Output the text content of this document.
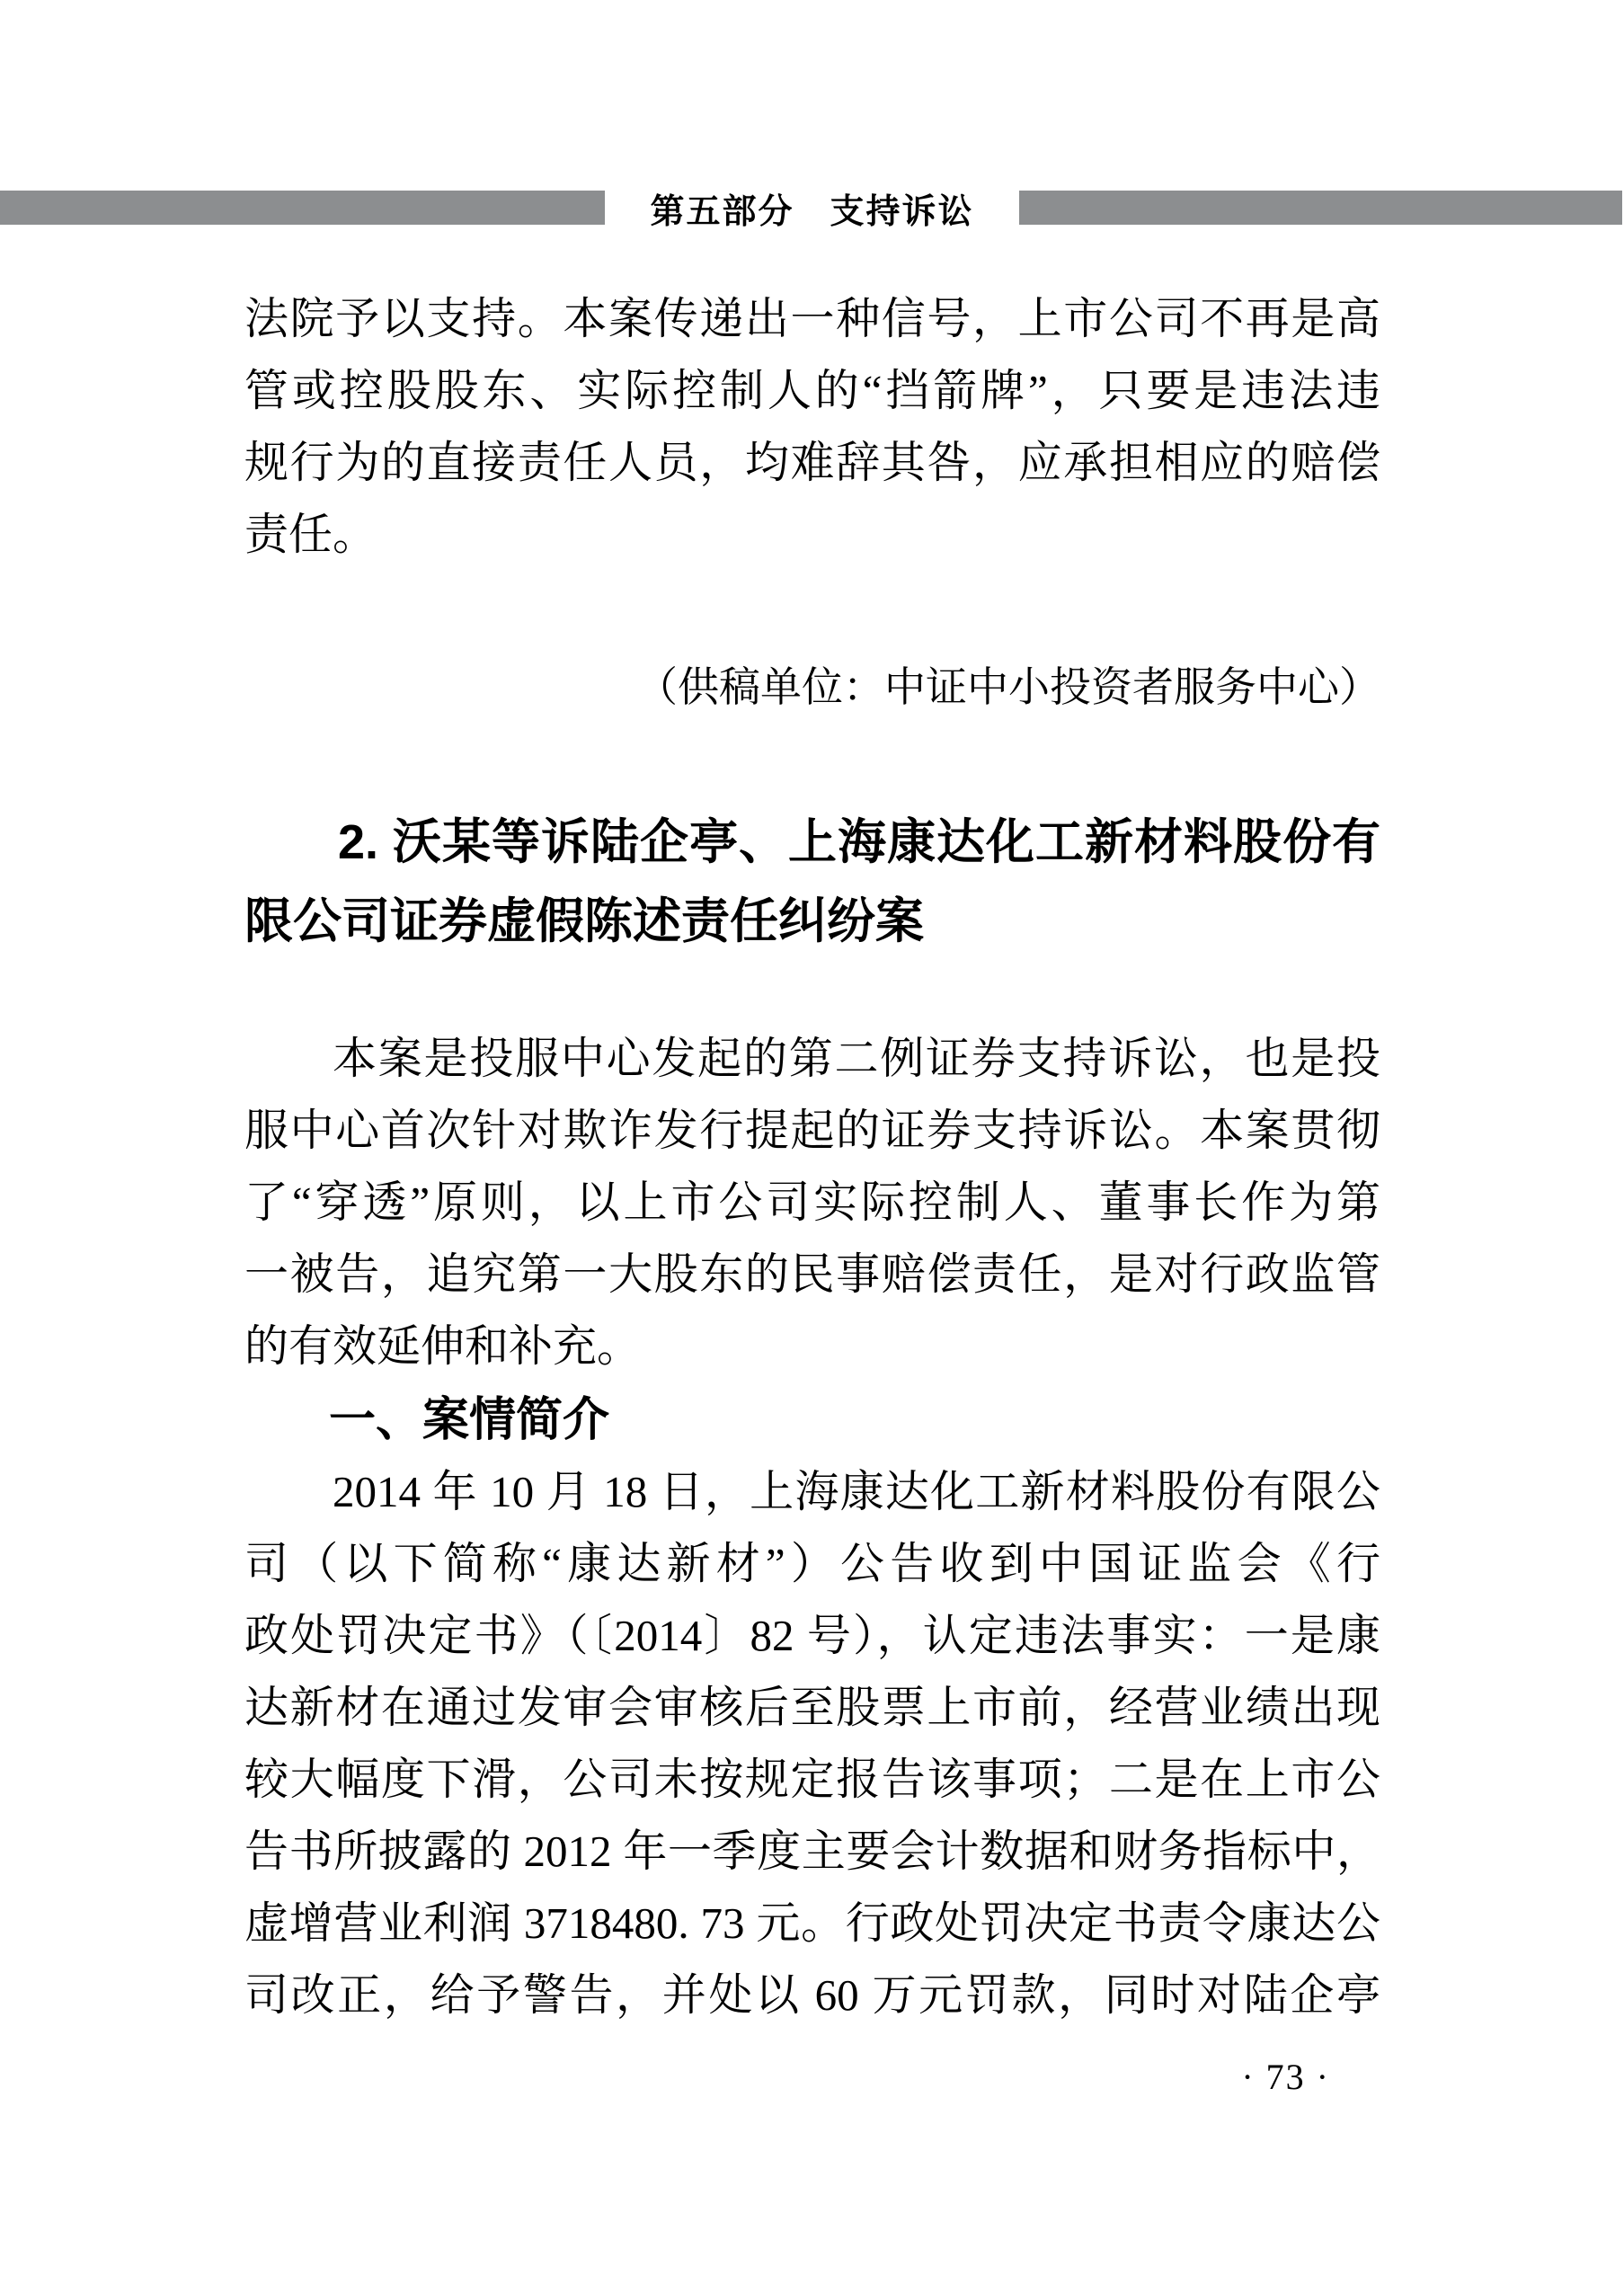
第五部分　支持诉讼
法院予以支持。本案传递出一种信号，上市公司不再是高
管或控股股东、实际控制人的“挡箭牌”，只要是违法违
规行为的直接责任人员，均难辞其咎，应承担相应的赔偿
责任。
（供稿单位：中证中小投资者服务中心）
2. 沃某等诉陆企亭、上海康达化工新材料股份有
限公司证券虚假陈述责任纠纷案
本案是投服中心发起的第二例证券支持诉讼，也是投
服中心首次针对欺诈发行提起的证券支持诉讼。本案贯彻
了“穿透”原则，以上市公司实际控制人、董事长作为第
一被告，追究第一大股东的民事赔偿责任，是对行政监管
的有效延伸和补充。
一、案情简介
2014 年 10 月 18 日，上海康达化工新材料股份有限公
司（以下简称“康达新材”）公告收到中国证监会《行
政处罚决定书》（〔2014〕82 号），认定违法事实：一是康
达新材在通过发审会审核后至股票上市前，经营业绩出现
较大幅度下滑，公司未按规定报告该事项；二是在上市公
告书所披露的 2012 年一季度主要会计数据和财务指标中，
虚增营业利润 3718480. 73 元。行政处罚决定书责令康达公
司改正，给予警告，并处以 60 万元罚款，同时对陆企亭
· 73 ·
